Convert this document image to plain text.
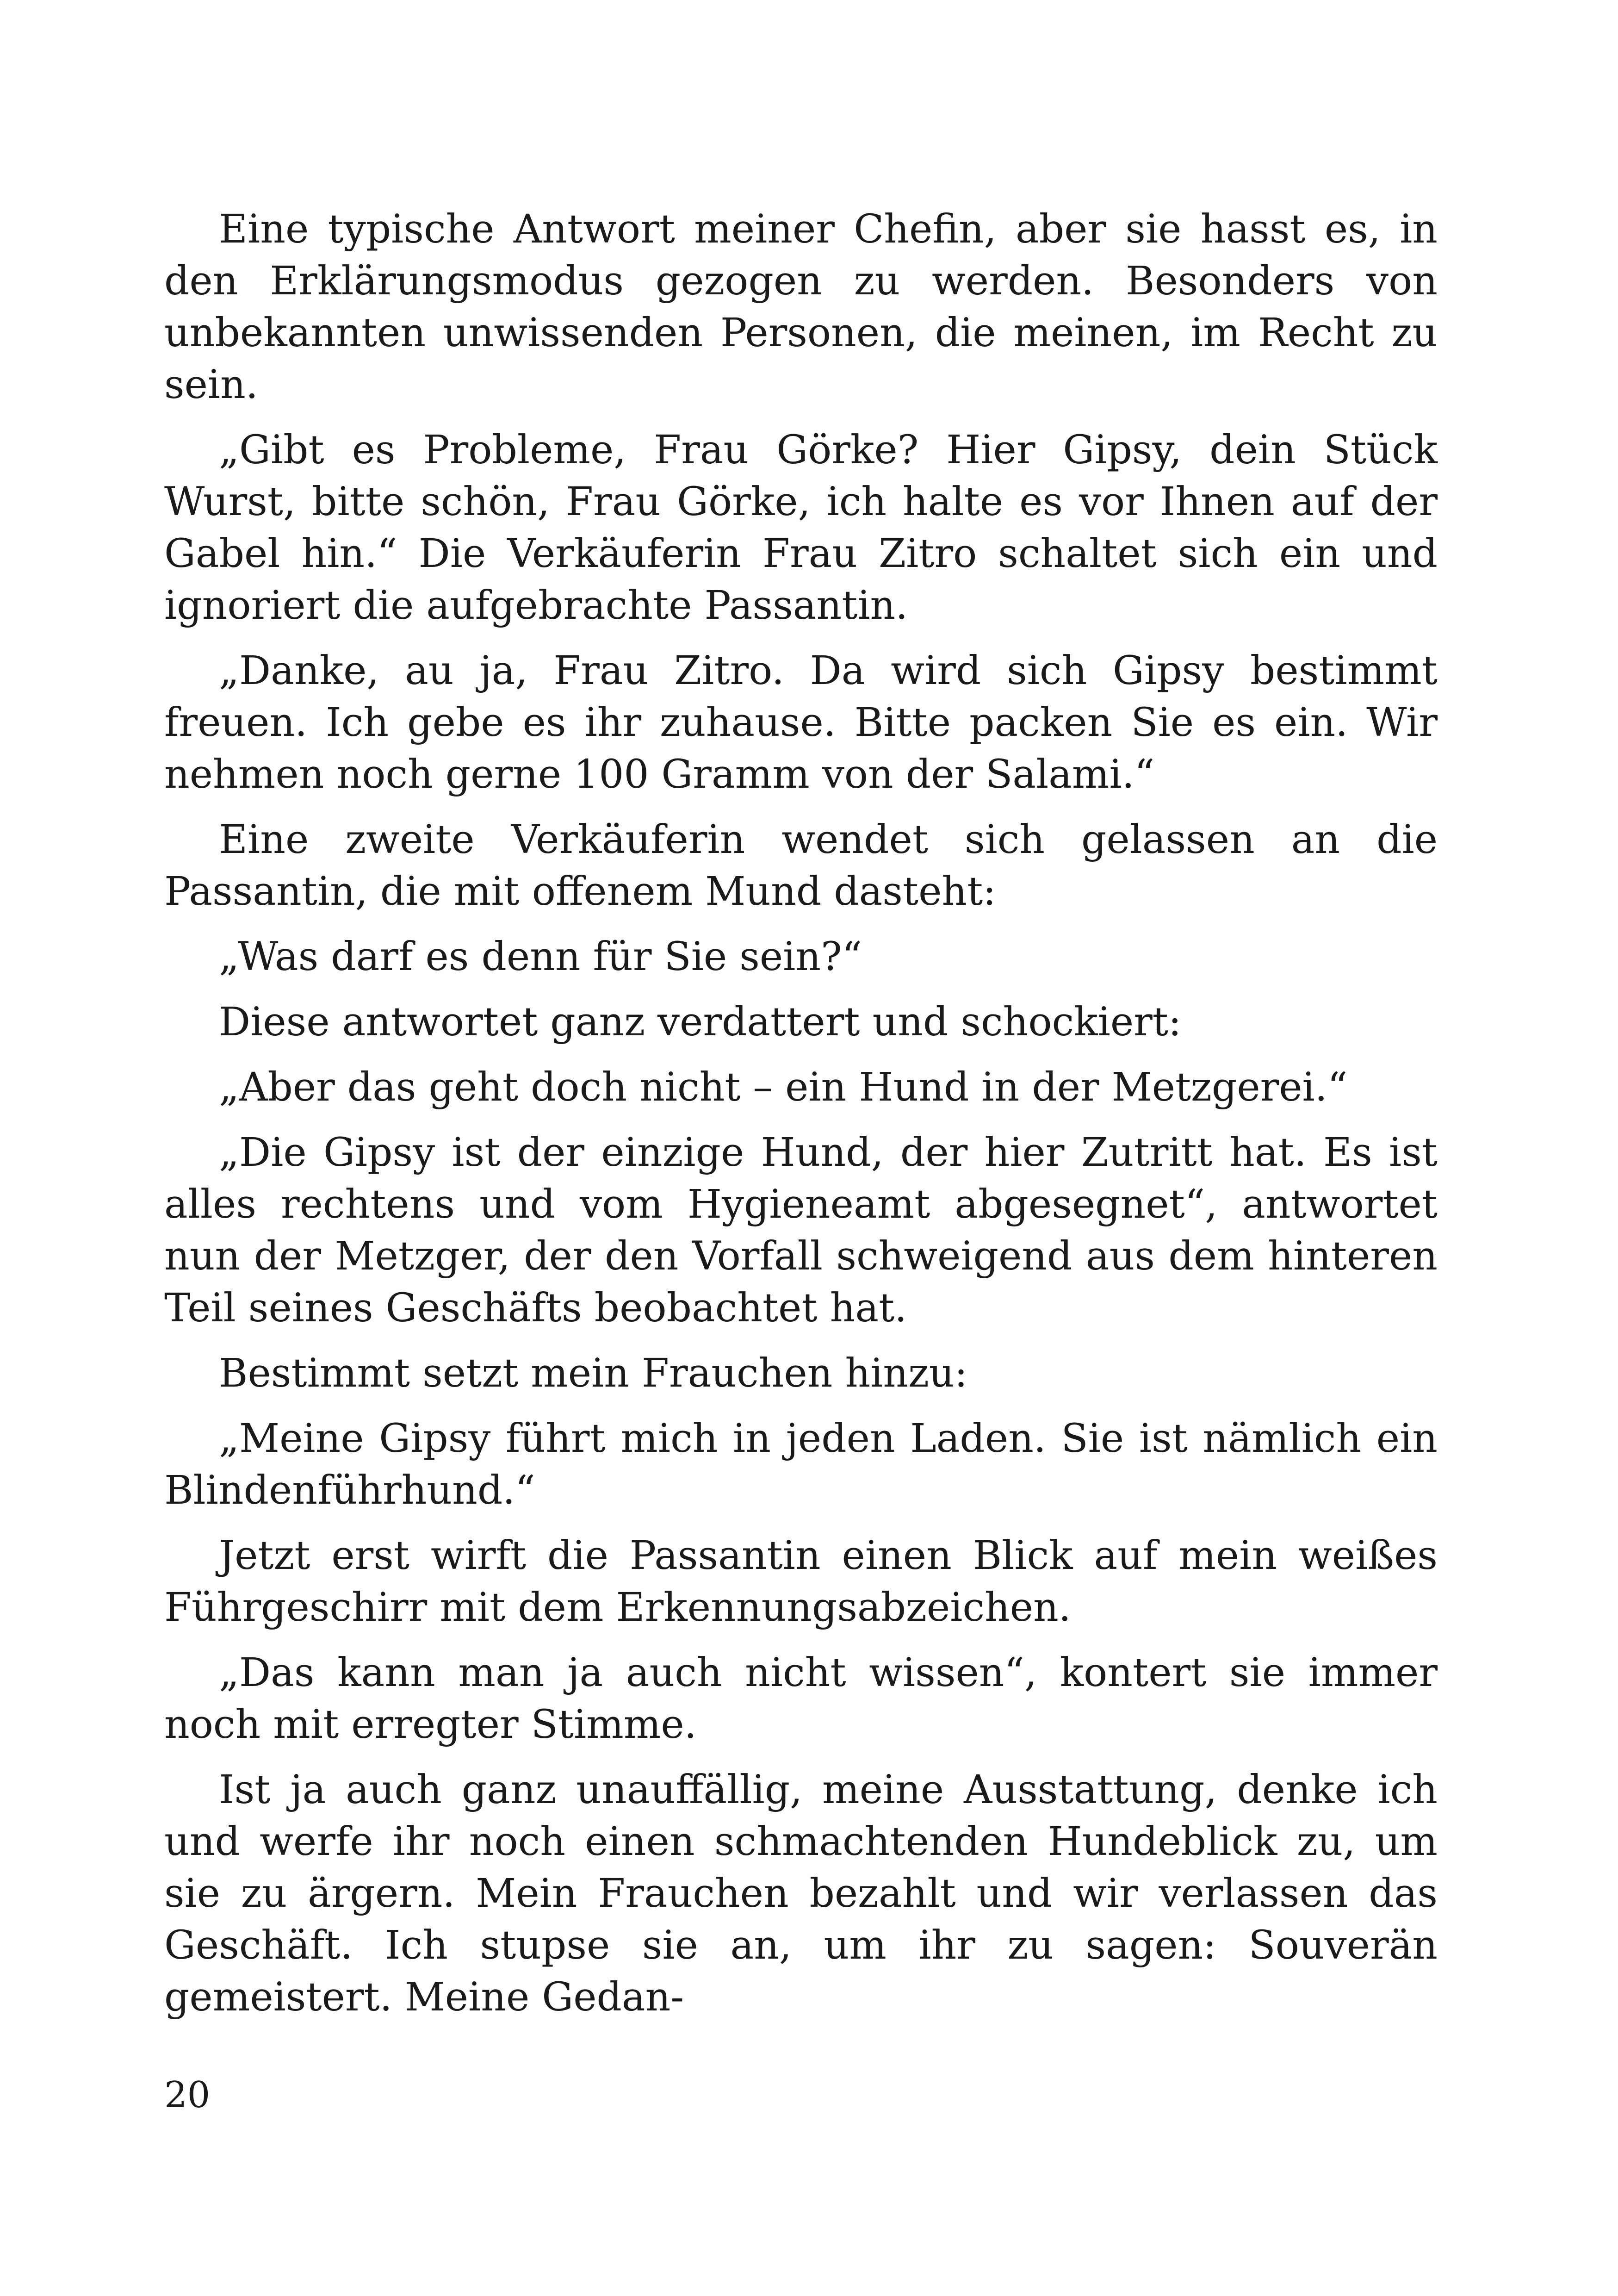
Eine typische Antwort meiner Chefin, aber sie hasst es, in den Erklärungsmodus gezogen zu werden. Besonders von unbekannten unwissenden Personen, die meinen, im Recht zu sein.

„Gibt es Probleme, Frau Görke? Hier Gipsy, dein Stück Wurst, bitte schön, Frau Görke, ich halte es vor Ihnen auf der Gabel hin.“ Die Verkäuferin Frau Zitro schaltet sich ein und ignoriert die aufgebrachte Passantin.

„Danke, au ja, Frau Zitro. Da wird sich Gipsy bestimmt freuen. Ich gebe es ihr zuhause. Bitte packen Sie es ein. Wir nehmen noch gerne 100 Gramm von der Salami.“

Eine zweite Verkäuferin wendet sich gelassen an die Passantin, die mit offenem Mund dasteht:

„Was darf es denn für Sie sein?“

Diese antwortet ganz verdattert und schockiert:

„Aber das geht doch nicht – ein Hund in der Metzgerei.“

„Die Gipsy ist der einzige Hund, der hier Zutritt hat. Es ist alles rechtens und vom Hygieneamt abgesegnet“, antwortet nun der Metzger, der den Vorfall schweigend aus dem hinteren Teil seines Geschäfts beobachtet hat.

Bestimmt setzt mein Frauchen hinzu:

„Meine Gipsy führt mich in jeden Laden. Sie ist nämlich ein Blindenführhund.“

Jetzt erst wirft die Passantin einen Blick auf mein weißes Führgeschirr mit dem Erkennungsabzeichen.

„Das kann man ja auch nicht wissen“, kontert sie immer noch mit erregter Stimme.

Ist ja auch ganz unauffällig, meine Ausstattung, denke ich und werfe ihr noch einen schmachtenden Hundeblick zu, um sie zu ärgern. Mein Frauchen bezahlt und wir verlassen das Geschäft. Ich stupse sie an, um ihr zu sagen: Souverän gemeistert. Meine Gedan-

20
